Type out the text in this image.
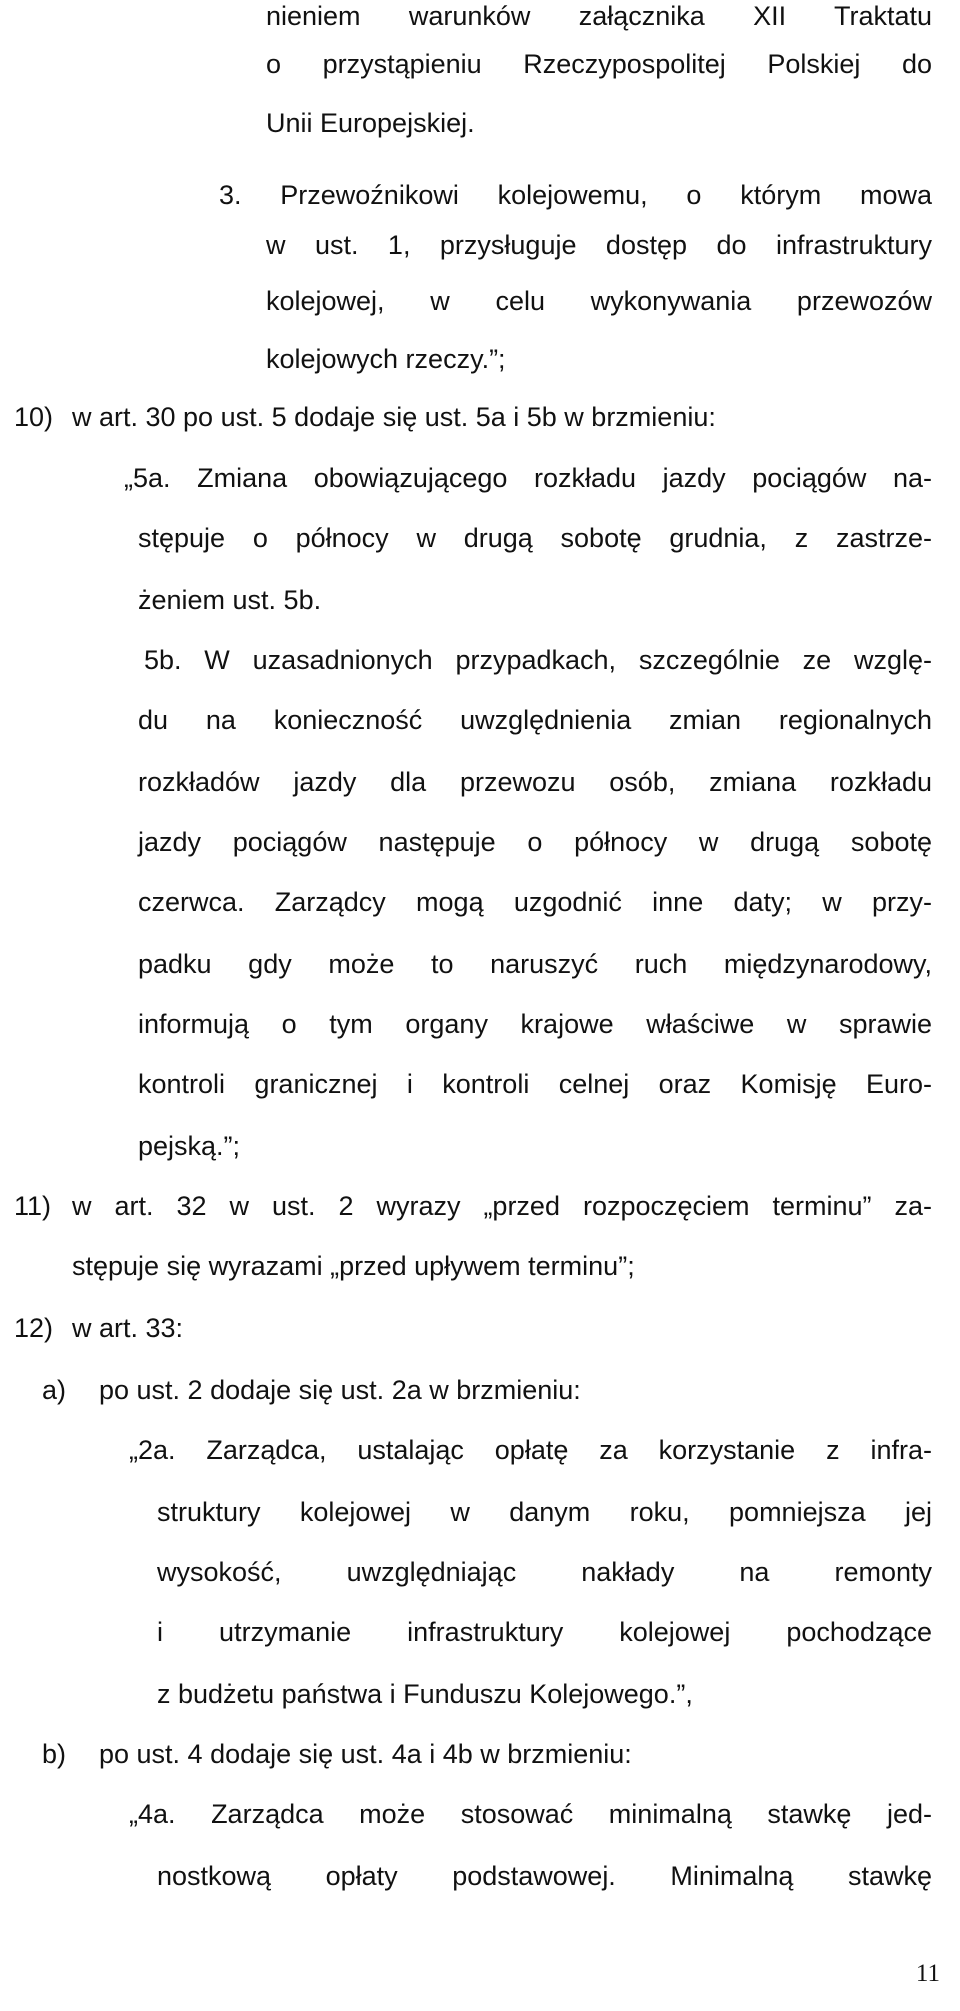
nieniem warunków załącznika XII Traktatu
o przystąpieniu Rzeczypospolitej Polskiej do
Unii Europejskiej.
3. Przewoźnikowi kolejowemu, o którym mowa
w ust. 1, przysługuje dostęp do infrastruktury
kolejowej, w celu wykonywania przewozów
kolejowych rzeczy.”;
10) w art. 30 po ust. 5 dodaje się ust. 5a i 5b w brzmieniu:
„5a. Zmiana obowiązującego rozkładu jazdy pociągów na-
stępuje o północy w drugą sobotę grudnia, z zastrze-
żeniem ust. 5b.
5b. W uzasadnionych przypadkach, szczególnie ze wzglę-
du na konieczność uwzględnienia zmian regionalnych
rozkładów jazdy dla przewozu osób, zmiana rozkładu
jazdy pociągów następuje o północy w drugą sobotę
czerwca. Zarządcy mogą uzgodnić inne daty; w przy-
padku gdy może to naruszyć ruch międzynarodowy,
informują o tym organy krajowe właściwe w sprawie
kontroli granicznej i kontroli celnej oraz Komisję Euro-
pejską.”;
11) w art. 32 w ust. 2 wyrazy „przed rozpoczęciem terminu” za-
stępuje się wyrazami „przed upływem terminu”;
12) w art. 33:
a) po ust. 2 dodaje się ust. 2a w brzmieniu:
„2a. Zarządca, ustalając opłatę za korzystanie z infra-
struktury kolejowej w danym roku, pomniejsza jej
wysokość, uwzględniając nakłady na remonty
i utrzymanie infrastruktury kolejowej pochodzące
z budżetu państwa i Funduszu Kolejowego.”,
b) po ust. 4 dodaje się ust. 4a i 4b w brzmieniu:
„4a. Zarządca może stosować minimalną stawkę jed-
nostkową opłaty podstawowej. Minimalną stawkę
11
